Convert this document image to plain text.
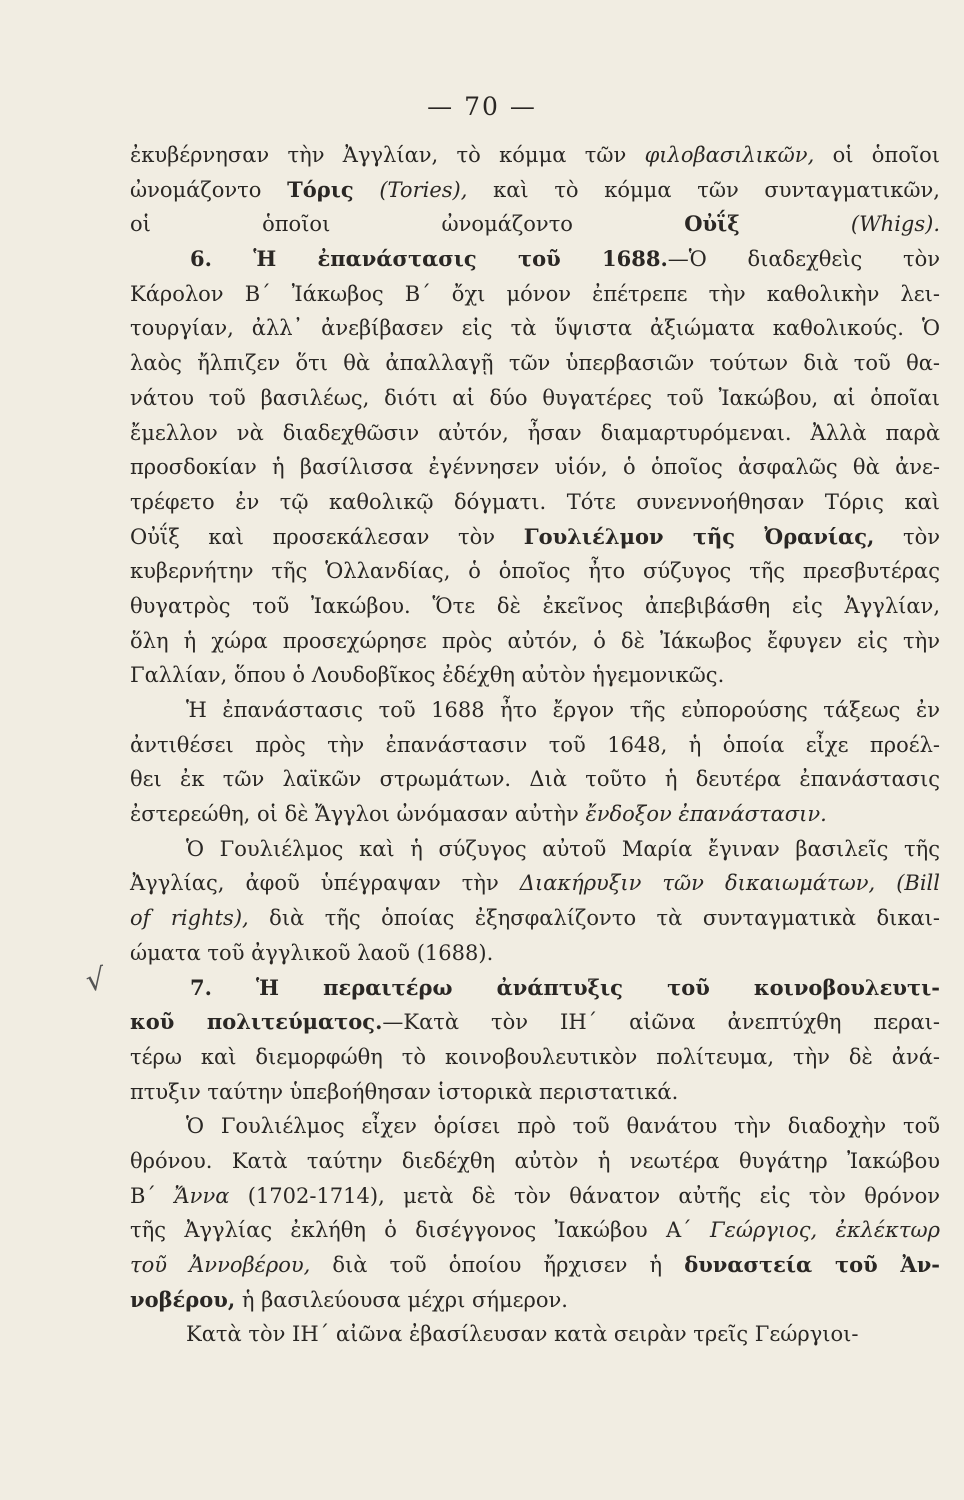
— 70 —
√
ἐκυβέρνησαν τὴν Ἀγγλίαν, τὸ κόμμα τῶν φιλοβασιλικῶν, οἱ ὁποῖοι
ὠνομάζοντο Τόρις (Tories), καὶ τὸ κόμμα τῶν συνταγματικῶν,
οἱ ὁποῖοι ὠνομάζοντο Οὐΐξ	(Whigs).
6. Ἡ ἐπανάστασις τοῦ 1688.—Ὁ διαδεχθεὶς τὸν
Κάρολον Β΄ Ἰάκωβος Β΄ ὄχι μόνον ἐπέτρεπε τὴν καθολικὴν λει-
τουργίαν, ἀλλ᾽ ἀνεβίβασεν εἰς τὰ ὕψιστα ἀξιώματα καθολικούς. Ὁ
λαὸς ἤλπιζεν ὅτι θὰ ἀπαλλαγῇ τῶν ὑπερβασιῶν τούτων διὰ τοῦ θα-
νάτου τοῦ βασιλέως, διότι αἱ δύο θυγατέρες τοῦ Ἰακώβου, αἱ ὁποῖαι
ἔμελλον νὰ διαδεχθῶσιν αὐτόν, ἦσαν διαμαρτυρόμεναι. Ἀλλὰ παρὰ
προσδοκίαν ἡ βασίλισσα ἐγέννησεν υἱόν, ὁ ὁποῖος ἀσφαλῶς θὰ ἀνε-
τρέφετο ἐν τῷ καθολικῷ δόγματι. Τότε συνεννοήθησαν Τόρις καὶ
Οὐΐξ καὶ προσεκάλεσαν τὸν Γουλιέλμον τῆς Ὀρανίας, τὸν
κυβερνήτην τῆς Ὁλλανδίας, ὁ ὁποῖος ἦτο σύζυγος τῆς πρεσβυτέρας
θυγατρὸς τοῦ Ἰακώβου. Ὅτε δὲ ἐκεῖνος ἀπεβιβάσθη εἰς Ἀγγλίαν,
ὅλη ἡ χώρα προσεχώρησε πρὸς αὐτόν, ὁ δὲ Ἰάκωβος ἔφυγεν εἰς τὴν
Γαλλίαν, ὅπου ὁ Λουδοβῖκος ἐδέχθη αὐτὸν ἡγεμονικῶς.
Ἡ ἐπανάστασις τοῦ 1688 ἦτο ἔργον τῆς εὐπορούσης τάξεως ἐν
ἀντιθέσει πρὸς τὴν ἐπανάστασιν τοῦ 1648, ἡ ὁποία εἶχε προέλ-
θει ἐκ τῶν λαϊκῶν στρωμάτων. Διὰ τοῦτο ἡ δευτέρα ἐπανάστασις
ἐστερεώθη, οἱ δὲ Ἄγγλοι ὠνόμασαν αὐτὴν ἔνδοξον ἐπανάστασιν.
Ὁ Γουλιέλμος καὶ ἡ σύζυγος αὐτοῦ Μαρία ἔγιναν βασιλεῖς τῆς
Ἀγγλίας, ἀφοῦ ὑπέγραψαν τὴν Διακήρυξιν τῶν δικαιωμάτων, (Bill
of rights), διὰ τῆς ὁποίας ἐξησφαλίζοντο τὰ συνταγματικὰ δικαι-
ώματα τοῦ ἀγγλικοῦ λαοῦ (1688).
7. Ἡ περαιτέρω ἀνάπτυξις τοῦ κοινοβουλευτι-
κοῦ πολιτεύματος.—Κατὰ τὸν ΙΗ΄ αἰῶνα ἀνεπτύχθη περαι-
τέρω καὶ διεμορφώθη τὸ κοινοβουλευτικὸν πολίτευμα, τὴν δὲ ἀνά-
πτυξιν ταύτην ὑπεβοήθησαν ἱστορικὰ περιστατικά.
Ὁ Γουλιέλμος εἶχεν ὁρίσει πρὸ τοῦ θανάτου τὴν διαδοχὴν τοῦ
θρόνου. Κατὰ ταύτην διεδέχθη αὐτὸν ἡ νεωτέρα θυγάτηρ Ἰακώβου
Β΄ Ἄννα (1702-1714), μετὰ δὲ τὸν θάνατον αὐτῆς εἰς τὸν θρόνον
τῆς Ἀγγλίας ἐκλήθη ὁ δισέγγονος Ἰακώβου Α΄ Γεώργιος, ἐκλέκτωρ
τοῦ Ἀννοβέρου, διὰ τοῦ ὁποίου ἤρχισεν ἡ δυναστεία τοῦ Ἀν-
νοβέρου, ἡ βασιλεύουσα μέχρι σήμερον.
Κατὰ τὸν ΙΗ΄ αἰῶνα ἐβασίλευσαν κατὰ σειρὰν τρεῖς Γεώργιοι-
